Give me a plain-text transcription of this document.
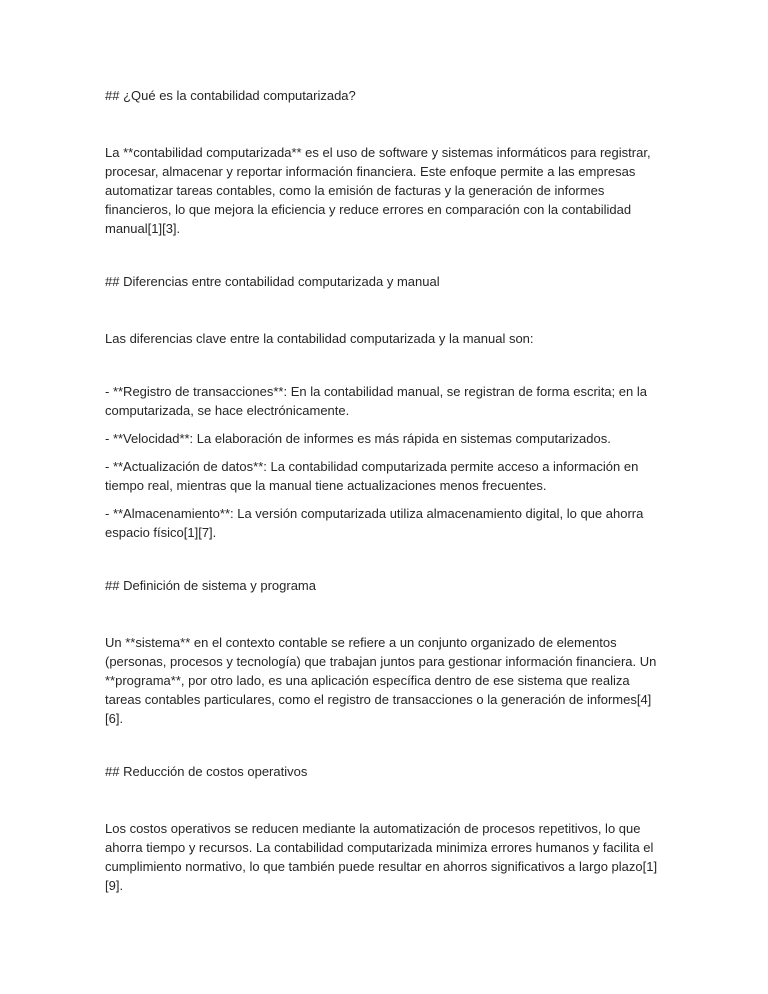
## ¿Qué es la contabilidad computarizada?
La **contabilidad computarizada** es el uso de software y sistemas informáticos para registrar, procesar, almacenar y reportar información financiera. Este enfoque permite a las empresas automatizar tareas contables, como la emisión de facturas y la generación de informes financieros, lo que mejora la eficiencia y reduce errores en comparación con la contabilidad manual[1][3].
## Diferencias entre contabilidad computarizada y manual
Las diferencias clave entre la contabilidad computarizada y la manual son:
- **Registro de transacciones**: En la contabilidad manual, se registran de forma escrita; en la computarizada, se hace electrónicamente.
- **Velocidad**: La elaboración de informes es más rápida en sistemas computarizados.
- **Actualización de datos**: La contabilidad computarizada permite acceso a información en tiempo real, mientras que la manual tiene actualizaciones menos frecuentes.
- **Almacenamiento**: La versión computarizada utiliza almacenamiento digital, lo que ahorra espacio físico[1][7].
## Definición de sistema y programa
Un **sistema** en el contexto contable se refiere a un conjunto organizado de elementos (personas, procesos y tecnología) que trabajan juntos para gestionar información financiera. Un **programa**, por otro lado, es una aplicación específica dentro de ese sistema que realiza tareas contables particulares, como el registro de transacciones o la generación de informes[4][6].
## Reducción de costos operativos
Los costos operativos se reducen mediante la automatización de procesos repetitivos, lo que ahorra tiempo y recursos. La contabilidad computarizada minimiza errores humanos y facilita el cumplimiento normativo, lo que también puede resultar en ahorros significativos a largo plazo[1][9].
